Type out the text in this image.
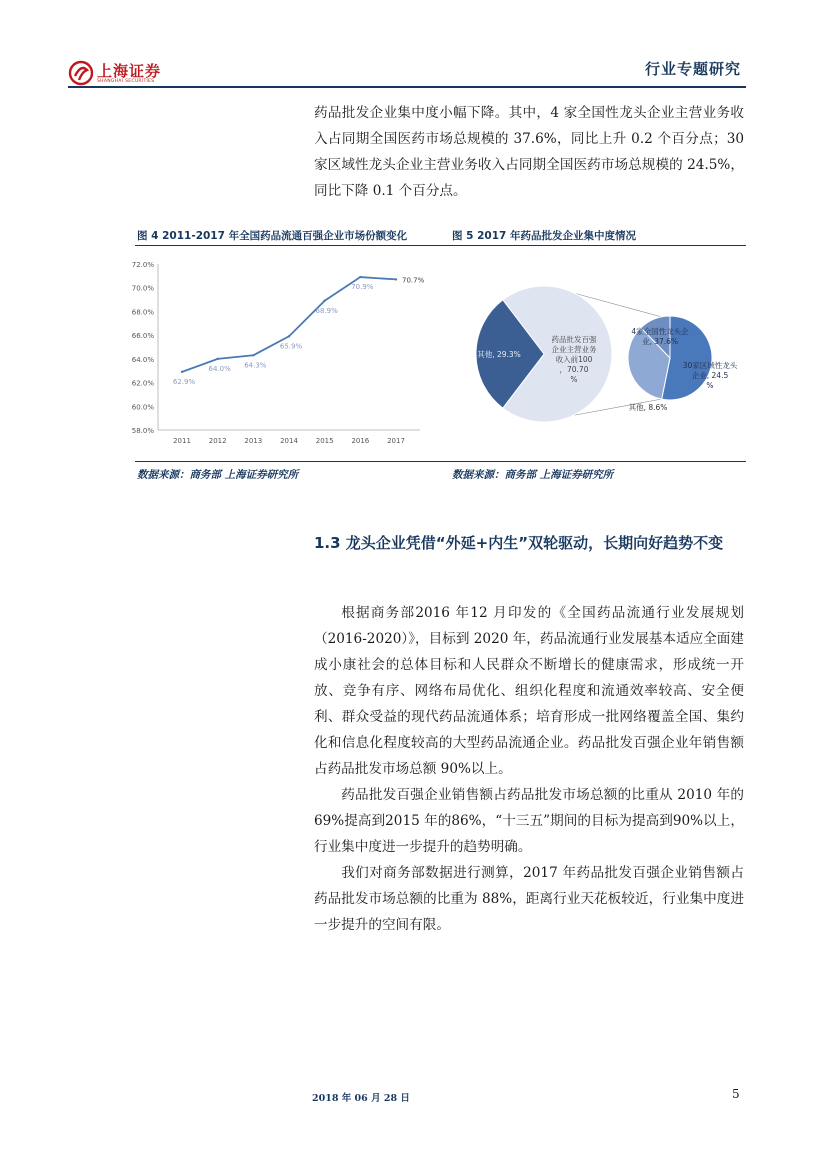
上海证券
SHANGHAI SECURITIES
行业专题研究
药品批发企业集中度小幅下降。其中，4 家全国性龙头企业主营业务收入占同期全国医药市场总规模的 37.6%，同比上升 0.2 个百分点；30 家区域性龙头企业主营业务收入占同期全国医药市场总规模的 24.5%，同比下降 0.1 个百分点。
图 4 2011-2017 年全国药品流通百强企业市场份额变化	图 5 2017 年药品批发企业集中度情况
72.0%
70.0%
68.0%
66.0%
64.0%
62.0%
60.0%
58.0%
2011	2012	2013	2014	2015	2016	2017
62.9%
64.0% 64.3%
65.9%
68.9%
70.9%
70.7%
药品批发百强企业主营业务收入前100 ，70.70 %
其他, 29.3%
4家全国性龙头企业, 37.6%
30家区域性龙头企业, 24.5 %
其他, 8.6%
数据来源：商务部 上海证券研究所	数据来源：商务部 上海证券研究所
1.3 龙头企业凭借“外延+内生”双轮驱动，长期向好趋势不变

根据商务部2016 年12 月印发的《全国药品流通行业发展规划（2016-2020）》，目标到 2020 年，药品流通行业发展基本适应全面建成小康社会的总体目标和人民群众不断增长的健康需求，形成统一开放、竞争有序、网络布局优化、组织化程度和流通效率较高、安全便利、群众受益的现代药品流通体系；培育形成一批网络覆盖全国、集约化和信息化程度较高的大型药品流通企业。药品批发百强企业年销售额占药品批发市场总额 90%以上。

药品批发百强企业销售额占药品批发市场总额的比重从 2010 年的69%提高到2015 年的86%，“十三五”期间的目标为提高到90%以上，行业集中度进一步提升的趋势明确。

我们对商务部数据进行测算，2017 年药品批发百强企业销售额占药品批发市场总额的比重为 88%，距离行业天花板较近，行业集中度进一步提升的空间有限。

2018 年 06 月 28 日	5
